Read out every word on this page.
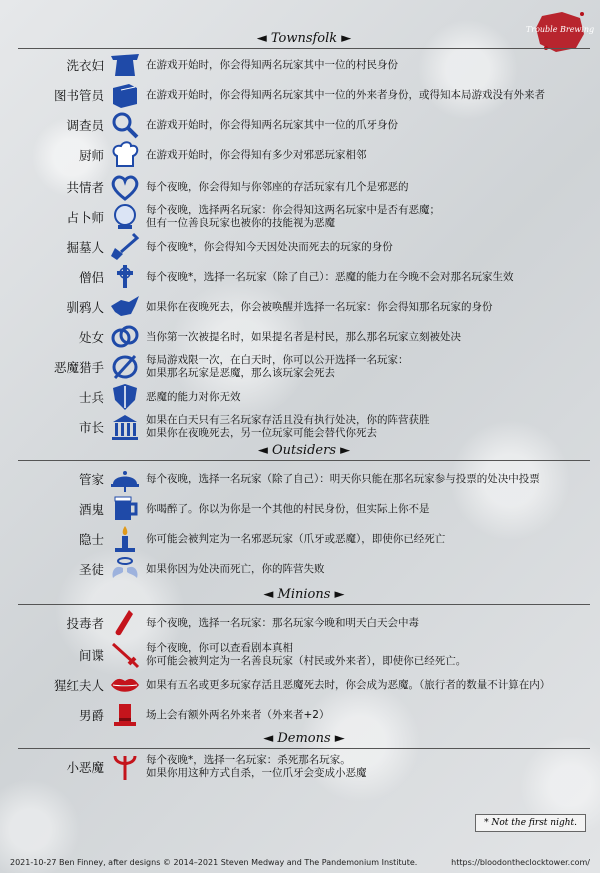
Trouble Brewing
◄ Townsfolk ►
◄ Outsiders ►
◄ Minions ►
◄ Demons ►
洗衣妇	在游戏开始时，你会得知两名玩家其中一位的村民身份
图书管员	在游戏开始时，你会得知两名玩家其中一位的外来者身份，或得知本局游戏没有外来者
调查员	在游戏开始时，你会得知两名玩家其中一位的爪牙身份
厨师	在游戏开始时，你会得知有多少对邪恶玩家相邻
共情者	每个夜晚，你会得知与你邻座的存活玩家有几个是邪恶的
占卜师	每个夜晚，选择两名玩家：你会得知这两名玩家中是否有恶魔；
但有一位善良玩家也被你的技能视为恶魔
掘墓人	每个夜晚*，你会得知今天因处决而死去的玩家的身份
僧侣	每个夜晚*，选择一名玩家（除了自己）：恶魔的能力在今晚不会对那名玩家生效
驯鸦人	如果你在夜晚死去，你会被唤醒并选择一名玩家：你会得知那名玩家的身份
处女	当你第一次被提名时，如果提名者是村民，那么那名玩家立刻被处决
恶魔猎手	每局游戏限一次，在白天时，你可以公开选择一名玩家：
如果那名玩家是恶魔，那么该玩家会死去
士兵	恶魔的能力对你无效
市长	如果在白天只有三名玩家存活且没有执行处决，你的阵营获胜
如果你在夜晚死去，另一位玩家可能会替代你死去
管家	每个夜晚，选择一名玩家（除了自己）：明天你只能在那名玩家参与投票的处决中投票
酒鬼	你喝醉了。你以为你是一个其他的村民身份，但实际上你不是
隐士	你可能会被判定为一名邪恶玩家（爪牙或恶魔），即使你已经死亡
圣徒	如果你因为处决而死亡，你的阵营失败
投毒者	每个夜晚，选择一名玩家：那名玩家今晚和明天白天会中毒
间谍	每个夜晚，你可以查看剧本真相
你可能会被判定为一名善良玩家（村民或外来者），即使你已经死亡。
猩红夫人	如果有五名或更多玩家存活且恶魔死去时，你会成为恶魔。（旅行者的数量不计算在内）
男爵	场上会有额外两名外来者（外来者+2）
小恶魔	每个夜晚*，选择一名玩家：杀死那名玩家。
如果你用这种方式自杀，一位爪牙会变成小恶魔
* Not the first night.
2021-10-27 Ben Finney, after designs © 2014–2021 Steven Medway and The Pandemonium Institute.	https://bloodontheclocktower.com/
